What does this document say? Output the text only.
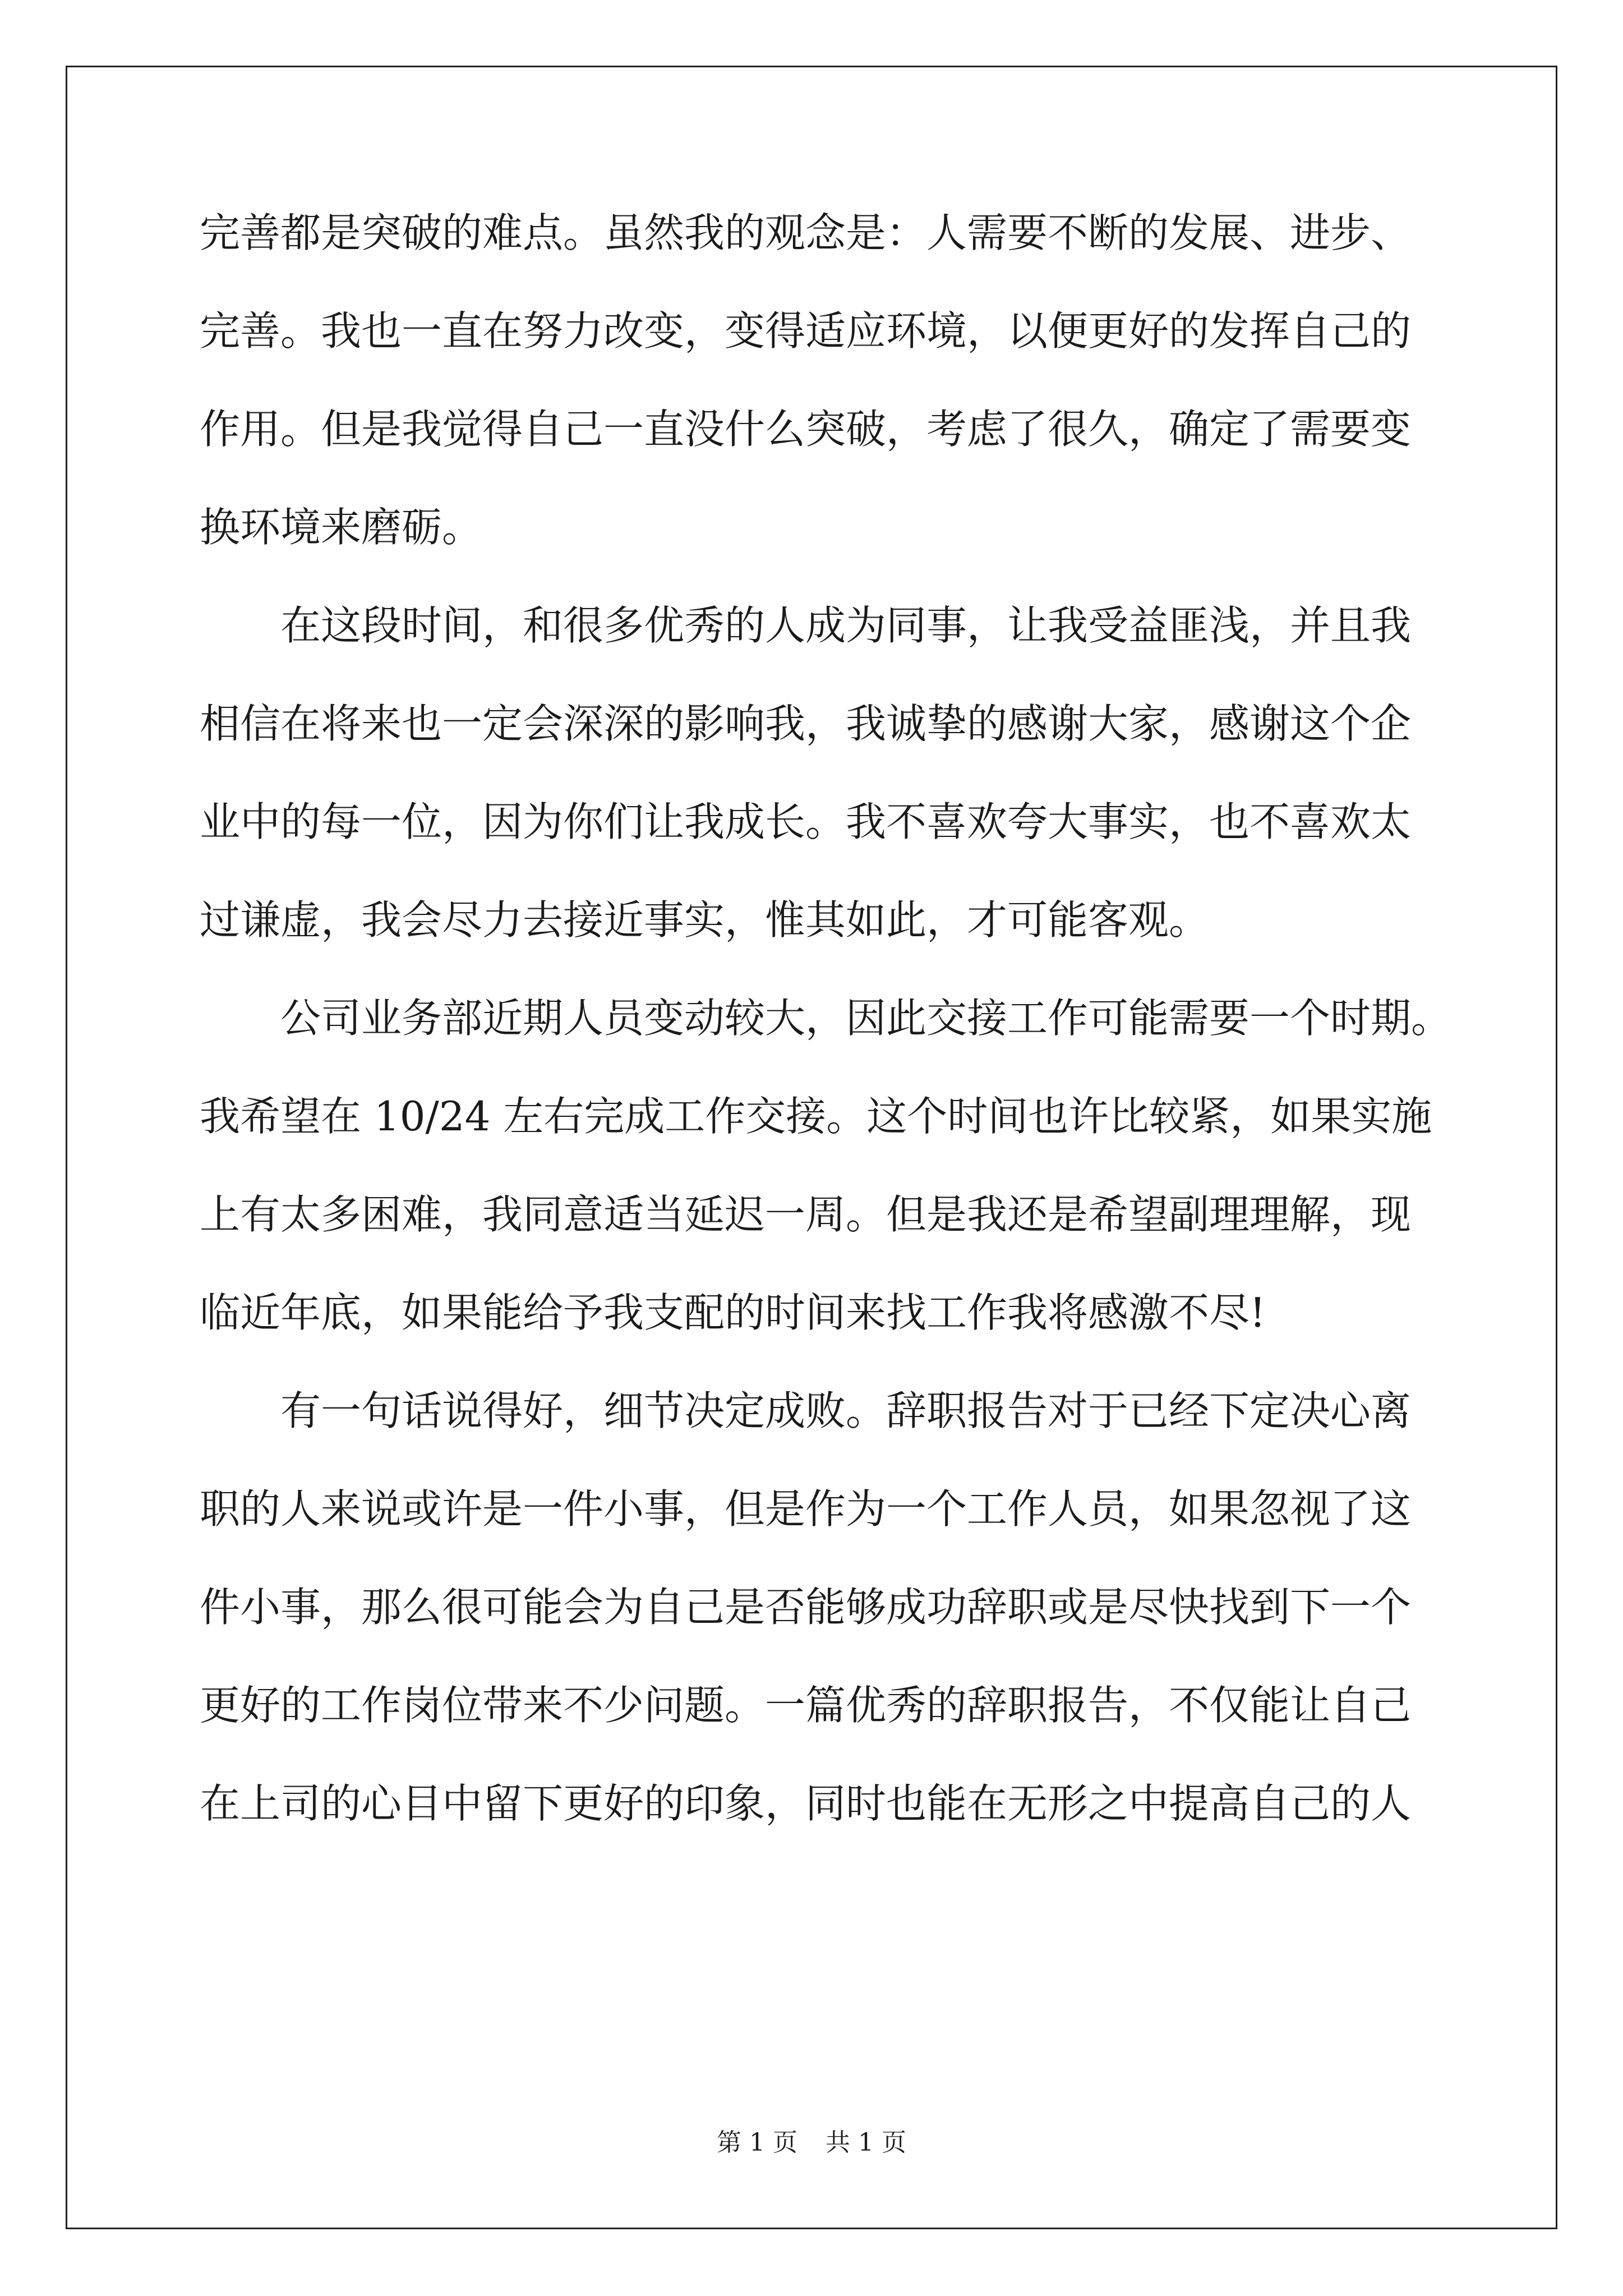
完善都是突破的难点。虽然我的观念是：人需要不断的发展、进步、
完善。我也一直在努力改变，变得适应环境，以便更好的发挥自己的
作用。但是我觉得自己一直没什么突破，考虑了很久，确定了需要变
换环境来磨砺。
在这段时间，和很多优秀的人成为同事，让我受益匪浅，并且我
相信在将来也一定会深深的影响我，我诚挚的感谢大家，感谢这个企
业中的每一位，因为你们让我成长。我不喜欢夸大事实，也不喜欢太
过谦虚，我会尽力去接近事实，惟其如此，才可能客观。
公司业务部近期人员变动较大，因此交接工作可能需要一个时期。
我希望在 10/24 左右完成工作交接。这个时间也许比较紧，如果实施
上有太多困难，我同意适当延迟一周。但是我还是希望副理理解，现
临近年底，如果能给予我支配的时间来找工作我将感激不尽!
有一句话说得好，细节决定成败。辞职报告对于已经下定决心离
职的人来说或许是一件小事，但是作为一个工作人员，如果忽视了这
件小事，那么很可能会为自己是否能够成功辞职或是尽快找到下一个
更好的工作岗位带来不少问题。一篇优秀的辞职报告，不仅能让自己
在上司的心目中留下更好的印象，同时也能在无形之中提高自己的人
第 1 页 共 1 页
